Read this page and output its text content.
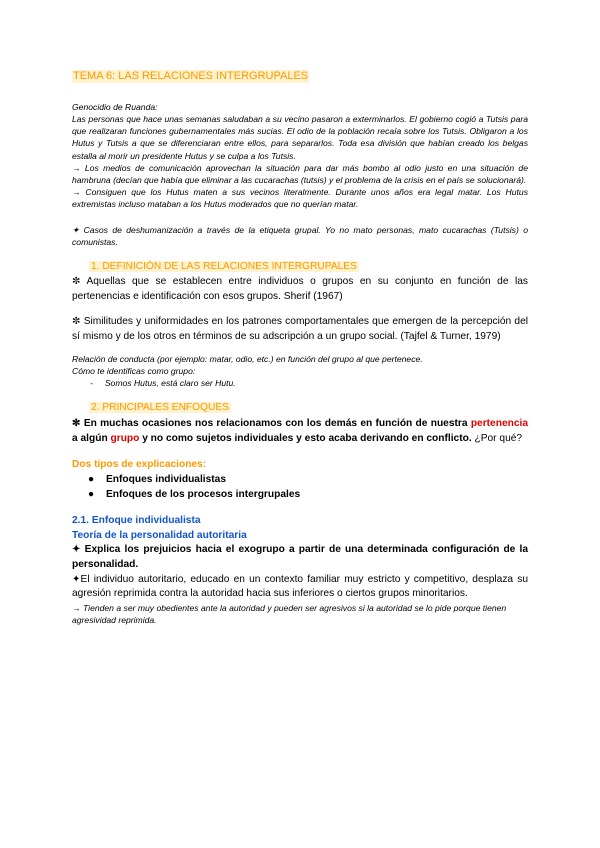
TEMA 6: LAS RELACIONES INTERGRUPALES

Genocidio de Ruanda:

Las personas que hace unas semanas saludaban a su vecino pasaron a exterminarlos. El gobierno cogió a Tutsis para que realizaran funciones gubernamentales más sucias. El odio de la población recaía sobre los Tutsis. Obligaron a los Hutus y Tutsis a que se diferenciaran entre ellos, para separarlos. Toda esa división que habían creado los belgas estalla al morir un presidente Hutus y se culpa a los Tutsis.

→ Los medios de comunicación aprovechan la situación para dar más bombo al odio justo en una situación de hambruna (decían que había que eliminar a las cucarachas (tutsis) y el problema de la crisis en el país se solucionará).

→ Consiguen que los Hutus maten a sus vecinos literalmente. Durante unos años era legal matar. Los Hutus extremistas incluso mataban a los Hutus moderados que no querían matar.

✦ Casos de deshumanización a través de la etiqueta grupal. Yo no mato personas, mato cucarachas (Tutsis) o comunistas.

1. DEFINICIÓN DE LAS RELACIONES INTERGRUPALES

✼ Aquellas que se establecen entre individuos o grupos en su conjunto en función de las pertenencias e identificación con esos grupos. Sherif (1967)

✼ Similitudes y uniformidades en los patrones comportamentales que emergen de la percepción del sí mismo y de los otros en términos de su adscripción a un grupo social. (Tajfel & Turner, 1979)

Relación de conducta (por ejemplo: matar, odio, etc.) en función del grupo al que pertenece.

Cómo te identificas como grupo:

- Somos Hutus, está claro ser Hutu.

2. PRINCIPALES ENFOQUES

✼ En muchas ocasiones nos relacionamos con los demás en función de nuestra pertenencia a algún grupo y no como sujetos individuales y esto acaba derivando en conflicto. ¿Por qué?

Dos tipos de explicaciones:

● Enfoques individualistas
● Enfoques de los procesos intergrupales

2.1. Enfoque individualista

Teoría de la personalidad autoritaria

✦ Explica los prejuicios hacia el exogrupo a partir de una determinada configuración de la personalidad.

✦El individuo autoritario, educado en un contexto familiar muy estricto y competitivo, desplaza su agresión reprimida contra la autoridad hacia sus inferiores o ciertos grupos minoritarios.

→ Tienden a ser muy obedientes ante la autoridad y pueden ser agresivos si la autoridad se lo pide porque tienen agresividad reprimida.
